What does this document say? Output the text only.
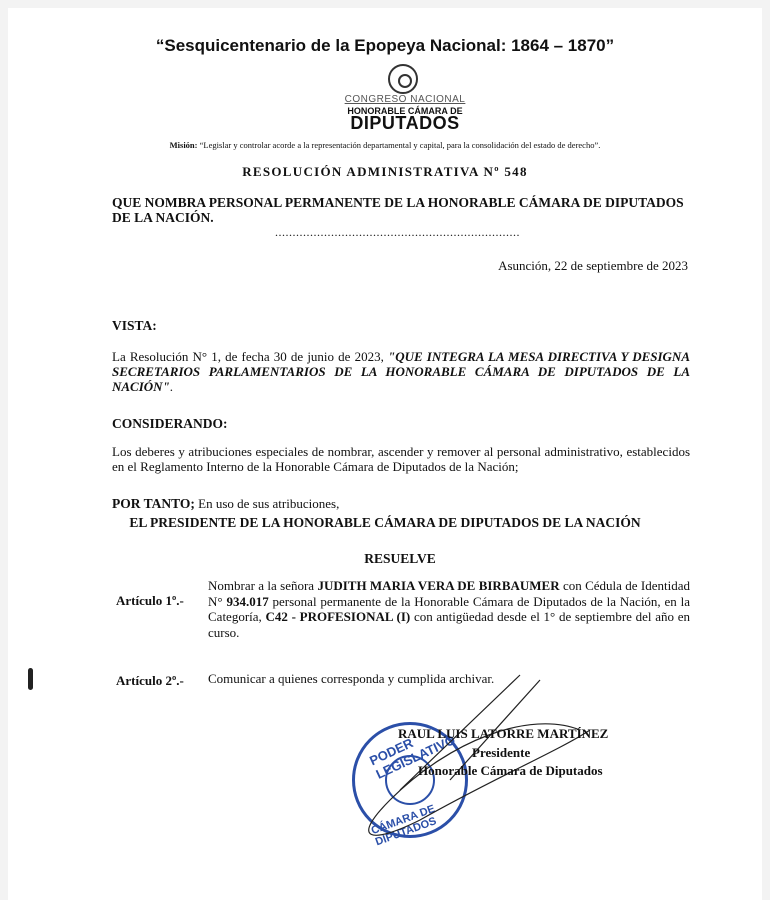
“Sesquicentenario de la Epopeya Nacional: 1864 – 1870”
CONGRESO NACIONAL
HONORABLE CÁMARA DE
DIPUTADOS
Misión: “Legislar y controlar acorde a la representación departamental y capital, para la consolidación del estado de derecho”.
RESOLUCIÓN ADMINISTRATIVA Nº 548
QUE NOMBRA PERSONAL PERMANENTE DE LA HONORABLE CÁMARA DE DIPUTADOS DE LA NACIÓN.
......................................................................
Asunción, 22 de septiembre de 2023
VISTA:
La Resolución N° 1, de fecha 30 de junio de 2023, "QUE INTEGRA LA MESA DIRECTIVA Y DESIGNA SECRETARIOS PARLAMENTARIOS DE LA HONORABLE CÁMARA DE DIPUTADOS DE LA NACIÓN".
CONSIDERANDO:
Los deberes y atribuciones especiales de nombrar, ascender y remover al personal administrativo, establecidos en el Reglamento Interno de la Honorable Cámara de Diputados de la Nación;
POR TANTO; En uso de sus atribuciones,
EL PRESIDENTE DE LA HONORABLE CÁMARA DE DIPUTADOS DE LA NACIÓN
RESUELVE
Artículo 1º.-
Nombrar a la señora JUDITH MARIA VERA DE BIRBAUMER con Cédula de Identidad N° 934.017 personal permanente de la Honorable Cámara de Diputados de la Nación, en la Categoría, C42 - PROFESIONAL (I) con antigüedad desde el 1° de septiembre del año en curso.
Artículo 2º.- Comunicar a quienes corresponda y cumplida archivar.
PODER LEGISLATIVO
CÁMARA DE DIPUTADOS
RAUL LUIS LATORRE MARTÍNEZ
Presidente
Honorable Cámara de Diputados
